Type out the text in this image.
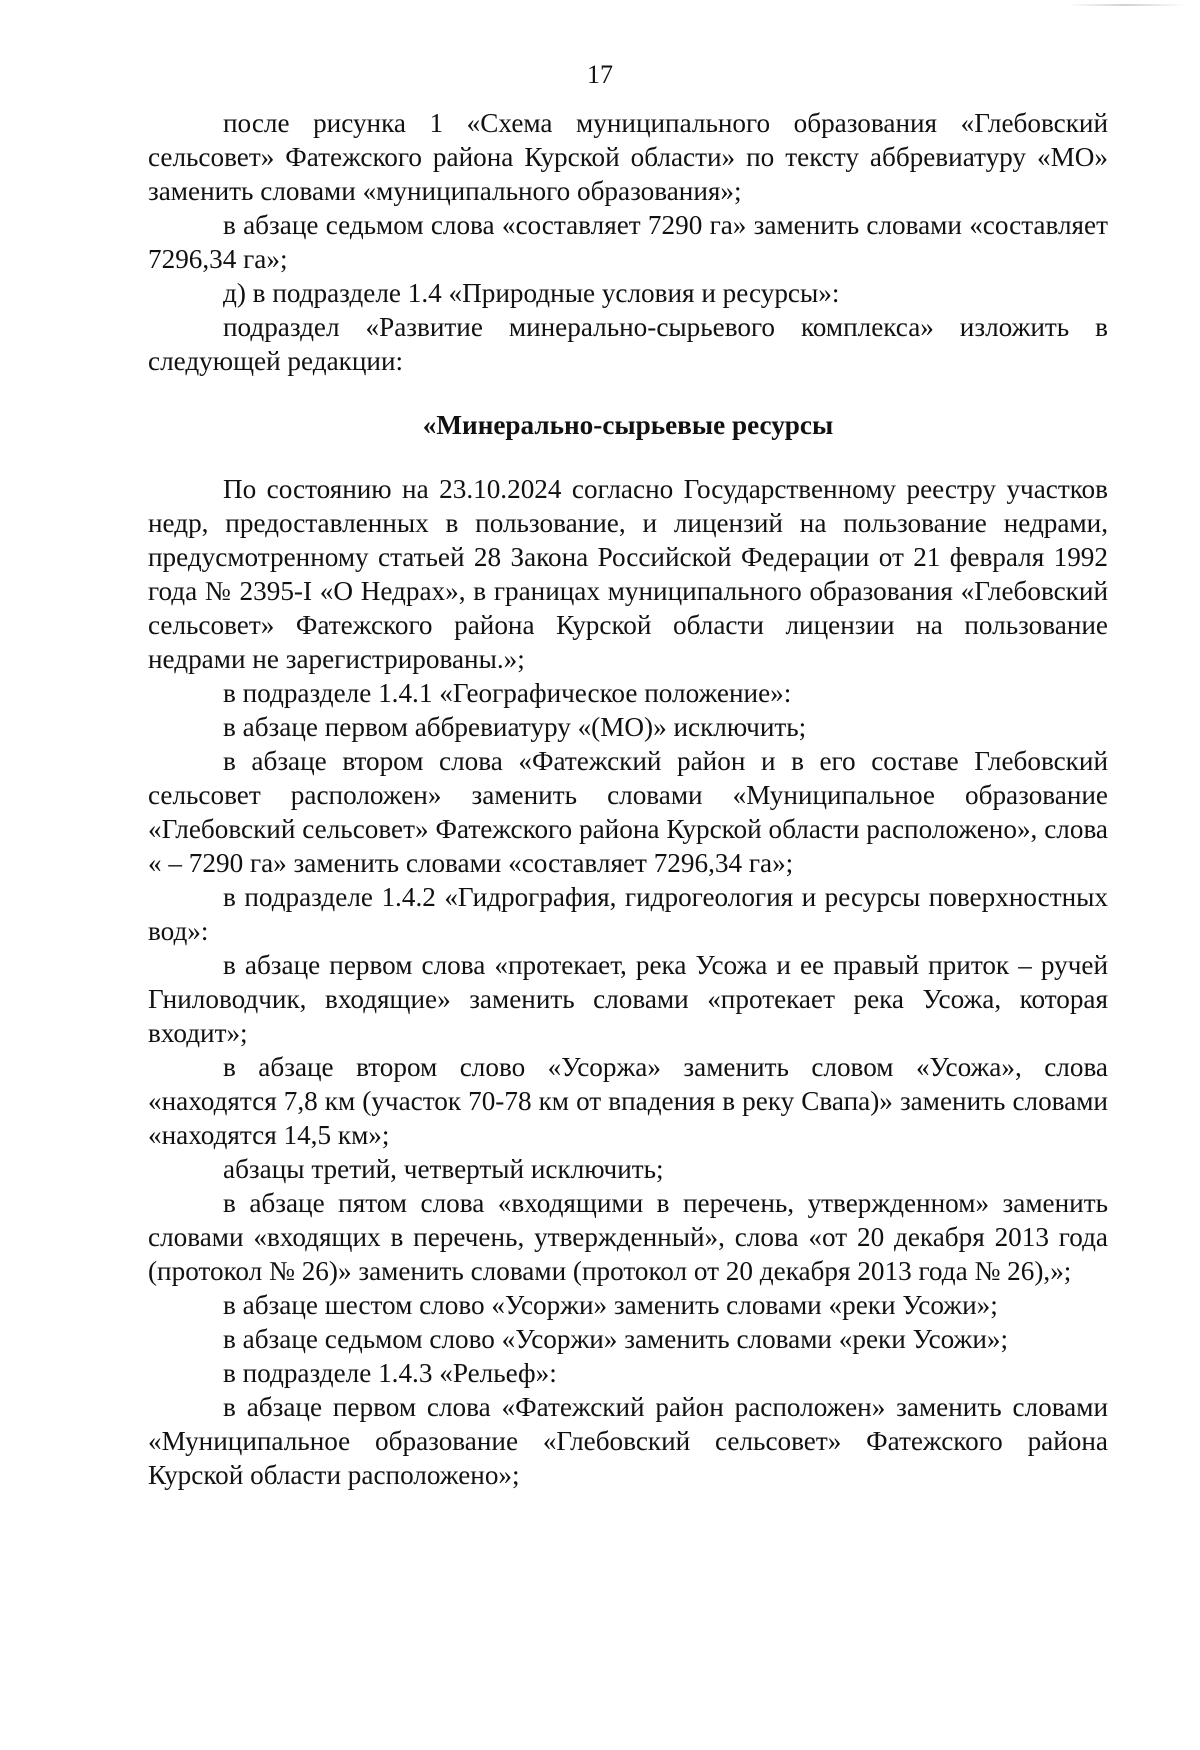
17

после рисунка 1 «Схема муниципального образования «Глебовский сельсовет» Фатежского района Курской области» по тексту аббревиатуру «МО» заменить словами «муниципального образования»;

в абзаце седьмом слова «составляет 7290 га» заменить словами «составляет 7296,34 га»;

д) в подразделе 1.4 «Природные условия и ресурсы»:

подраздел «Развитие минерально-сырьевого комплекса» изложить в следующей редакции:

«Минерально-сырьевые ресурсы

По состоянию на 23.10.2024 согласно Государственному реестру участков недр, предоставленных в пользование, и лицензий на пользование недрами, предусмотренному статьей 28 Закона Российской Федерации от 21 февраля 1992 года № 2395-I «О Недрах», в границах муниципального образования «Глебовский сельсовет» Фатежского района Курской области лицензии на пользование недрами не зарегистрированы.»;

в подразделе 1.4.1 «Географическое положение»:

в абзаце первом аббревиатуру «(МО)» исключить;

в абзаце втором слова «Фатежский район и в его составе Глебовский сельсовет расположен» заменить словами «Муниципальное образование «Глебовский сельсовет» Фатежского района Курской области расположено», слова « – 7290 га» заменить словами «составляет 7296,34 га»;

в подразделе 1.4.2 «Гидрография, гидрогеология и ресурсы поверхностных вод»:

в абзаце первом слова «протекает, река Усожа и ее правый приток – ручей Гниловодчик, входящие» заменить словами «протекает река Усожа, которая входит»;

в абзаце втором слово «Усоржа» заменить словом «Усожа», слова «находятся 7,8 км (участок 70-78 км от впадения в реку Свапа)» заменить словами «находятся 14,5 км»;

абзацы третий, четвертый исключить;

в абзаце пятом слова «входящими в перечень, утвержденном» заменить словами «входящих в перечень, утвержденный», слова «от 20 декабря 2013 года (протокол № 26)» заменить словами (протокол от 20 декабря 2013 года № 26),»;

в абзаце шестом слово «Усоржи» заменить словами «реки Усожи»;

в абзаце седьмом слово «Усоржи» заменить словами «реки Усожи»;

в подразделе 1.4.3 «Рельеф»:

в абзаце первом слова «Фатежский район расположен» заменить словами «Муниципальное образование «Глебовский сельсовет» Фатежского района Курской области расположено»;
